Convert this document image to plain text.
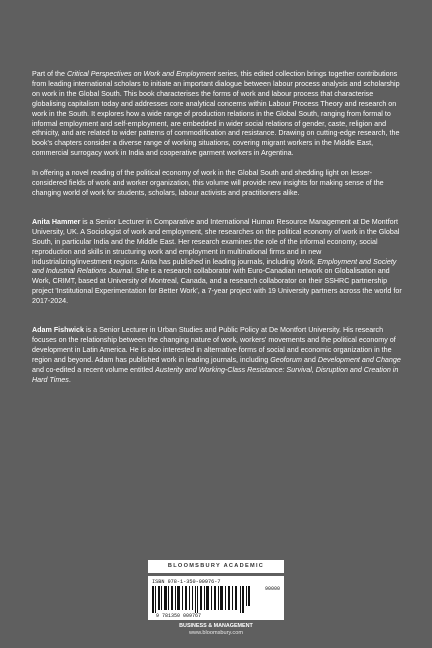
Part of the Critical Perspectives on Work and Employment series, this edited collection brings together contributions from leading international scholars to initiate an important dialogue between labour process analysis and scholarship on work in the Global South. This book characterises the forms of work and labour process that characterise globalising capitalism today and addresses core analytical concerns within Labour Process Theory and research on work in the South. It explores how a wide range of production relations in the Global South, ranging from formal to informal employment and self-employment, are embedded in wider social relations of gender, caste, religion and ethnicity, and are related to wider patterns of commodification and resistance. Drawing on cutting-edge research, the book's chapters consider a diverse range of working situations, covering migrant workers in the Middle East, commercial surrogacy work in India and cooperative garment workers in Argentina.

In offering a novel reading of the political economy of work in the Global South and shedding light on lesser-considered fields of work and worker organization, this volume will provide new insights for making sense of the changing world of work for students, scholars, labour activists and practitioners alike.

Anita Hammer is a Senior Lecturer in Comparative and International Human Resource Management at De Montfort University, UK. A Sociologist of work and employment, she researches on the political economy of work in the Global South, in particular India and the Middle East. Her research examines the role of the informal economy, social reproduction and skills in structuring work and employment in multinational firms and in new industrializing/investment regions. Anita has published in leading journals, including Work, Employment and Society and Industrial Relations Journal. She is a research collaborator with Euro-Canadian network on Globalisation and Work, CRIMT, based at University of Montreal, Canada, and a research collaborator on their SSHRC partnership project 'Institutional Experimentation for Better Work', a 7-year project with 19 University partners across the world for 2017-2024.

Adam Fishwick is a Senior Lecturer in Urban Studies and Public Policy at De Montfort University. His research focuses on the relationship between the changing nature of work, workers' movements and the political economy of development in Latin America. He is also interested in alternative forms of social and economic organization in the region and beyond. Adam has published work in leading journals, including Geoforum and Development and Change and co-edited a recent volume entitled Austerity and Working-Class Resistance: Survival, Disruption and Creation in Hard Times.

BLOOMSBURY ACADEMIC
ISBN 978-1-350-00976-7
90000
9 781350 009767
BUSINESS & MANAGEMENT
www.bloomsbury.com
